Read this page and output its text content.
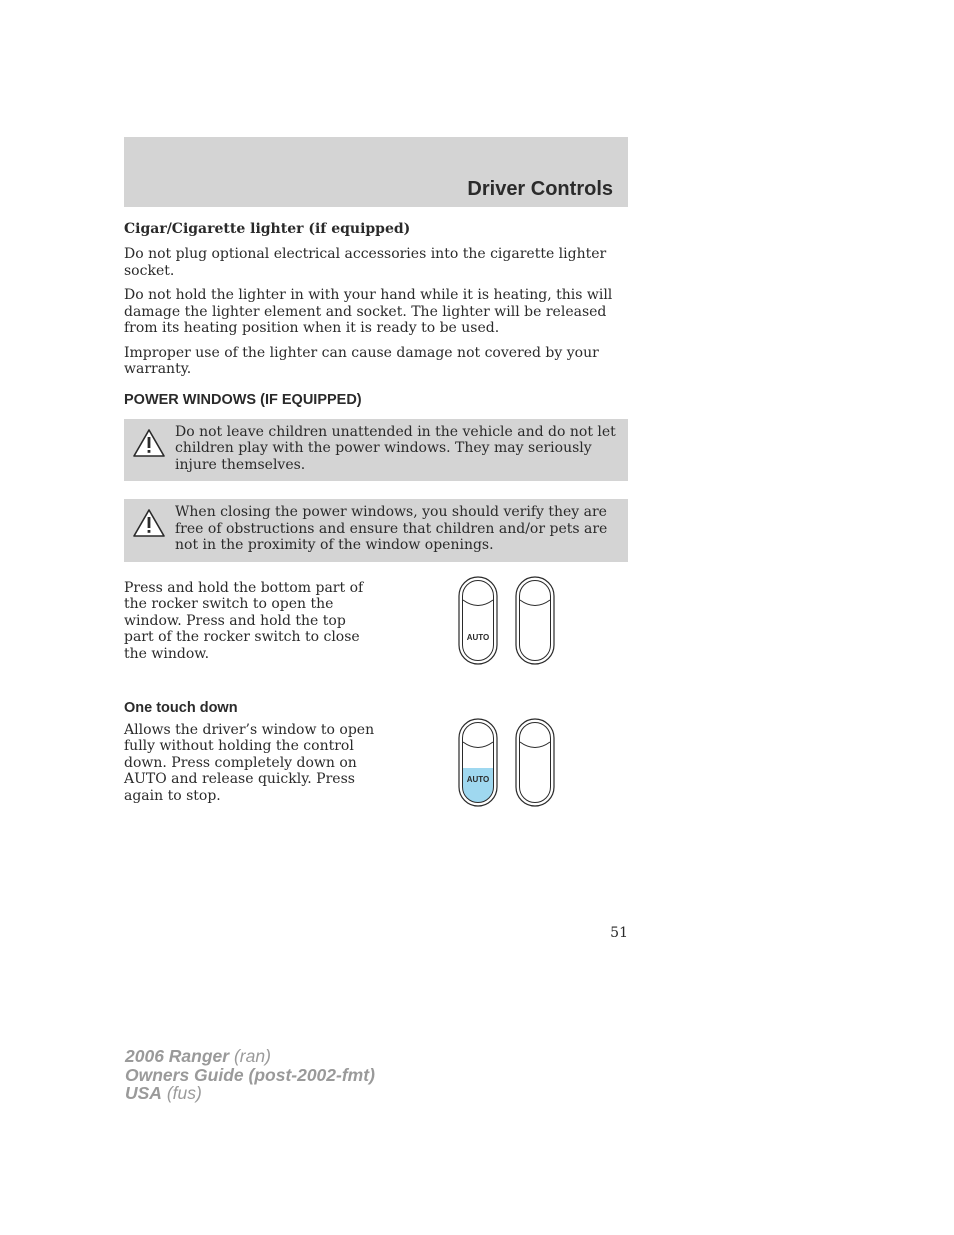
Driver Controls
Cigar/Cigarette lighter (if equipped)

Do not plug optional electrical accessories into the cigarette lighter socket.

Do not hold the lighter in with your hand while it is heating, this will damage the lighter element and socket. The lighter will be released from its heating position when it is ready to be used.

Improper use of the lighter can cause damage not covered by your warranty.

POWER WINDOWS (IF EQUIPPED)
Do not leave children unattended in the vehicle and do not let children play with the power windows. They may seriously injure themselves.
When closing the power windows, you should verify they are free of obstructions and ensure that children and/or pets are not in the proximity of the window openings.

Press and hold the bottom part of the rocker switch to open the window. Press and hold the top part of the rocker switch to close the window.

AUTO
One touch down

Allows the driver’s window to open fully without holding the control down. Press completely down on AUTO and release quickly. Press again to stop.

AUTO
51
2006 Ranger (ran)
Owners Guide (post-2002-fmt)
USA (fus)
